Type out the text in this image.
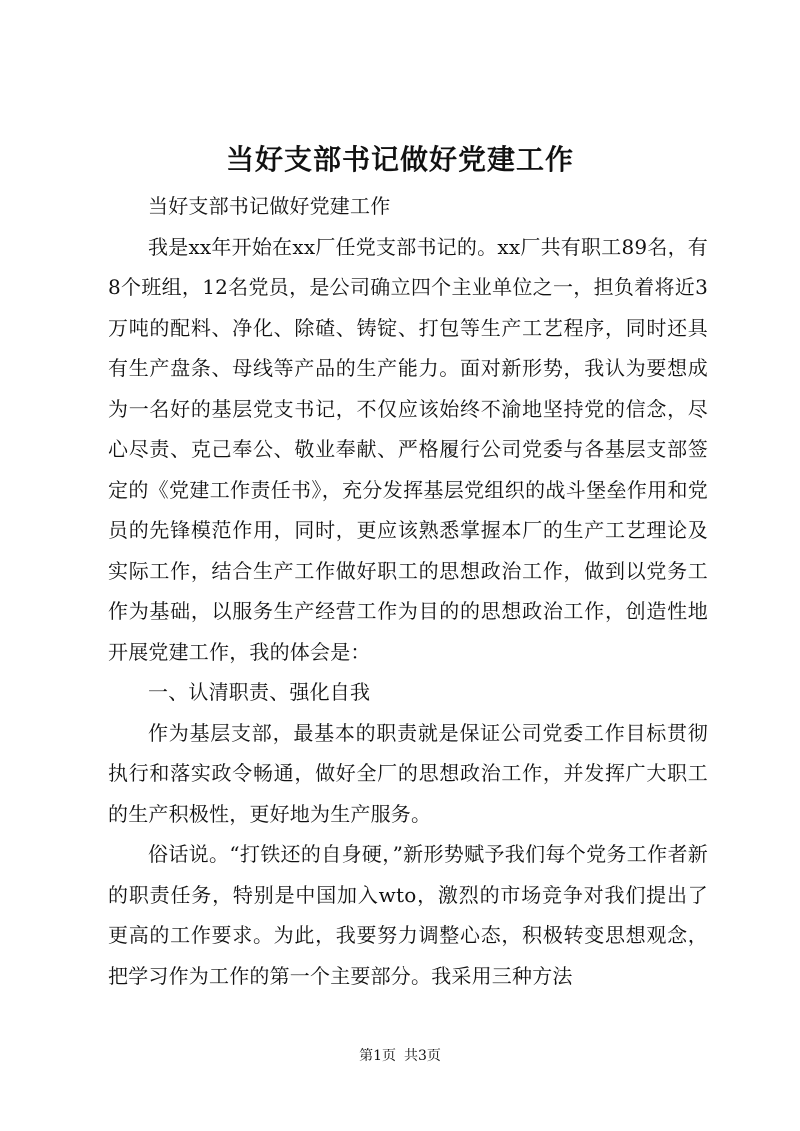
当好支部书记做好党建工作

当好支部书记做好党建工作

我是xx年开始在xx厂任党支部书记的。xx厂共有职工89名，有8个班组，12名党员，是公司确立四个主业单位之一，担负着将近3万吨的配料、净化、除碴、铸锭、打包等生产工艺程序，同时还具有生产盘条、母线等产品的生产能力。面对新形势，我认为要想成为一名好的基层党支书记，不仅应该始终不渝地坚持党的信念，尽心尽责、克己奉公、敬业奉献、严格履行公司党委与各基层支部签定的《党建工作责任书》，充分发挥基层党组织的战斗堡垒作用和党员的先锋模范作用，同时，更应该熟悉掌握本厂的生产工艺理论及实际工作，结合生产工作做好职工的思想政治工作，做到以党务工作为基础，以服务生产经营工作为目的的思想政治工作，创造性地开展党建工作，我的体会是：

一、认清职责、强化自我

作为基层支部，最基本的职责就是保证公司党委工作目标贯彻执行和落实政令畅通，做好全厂的思想政治工作，并发挥广大职工的生产积极性，更好地为生产服务。

俗话说。“打铁还的自身硬，”新形势赋予我们每个党务工作者新的职责任务，特别是中国加入wto，激烈的市场竞争对我们提出了更高的工作要求。为此，我要努力调整心态，积极转变思想观念，把学习作为工作的第一个主要部分。我采用三种方法

第1页 共3页
